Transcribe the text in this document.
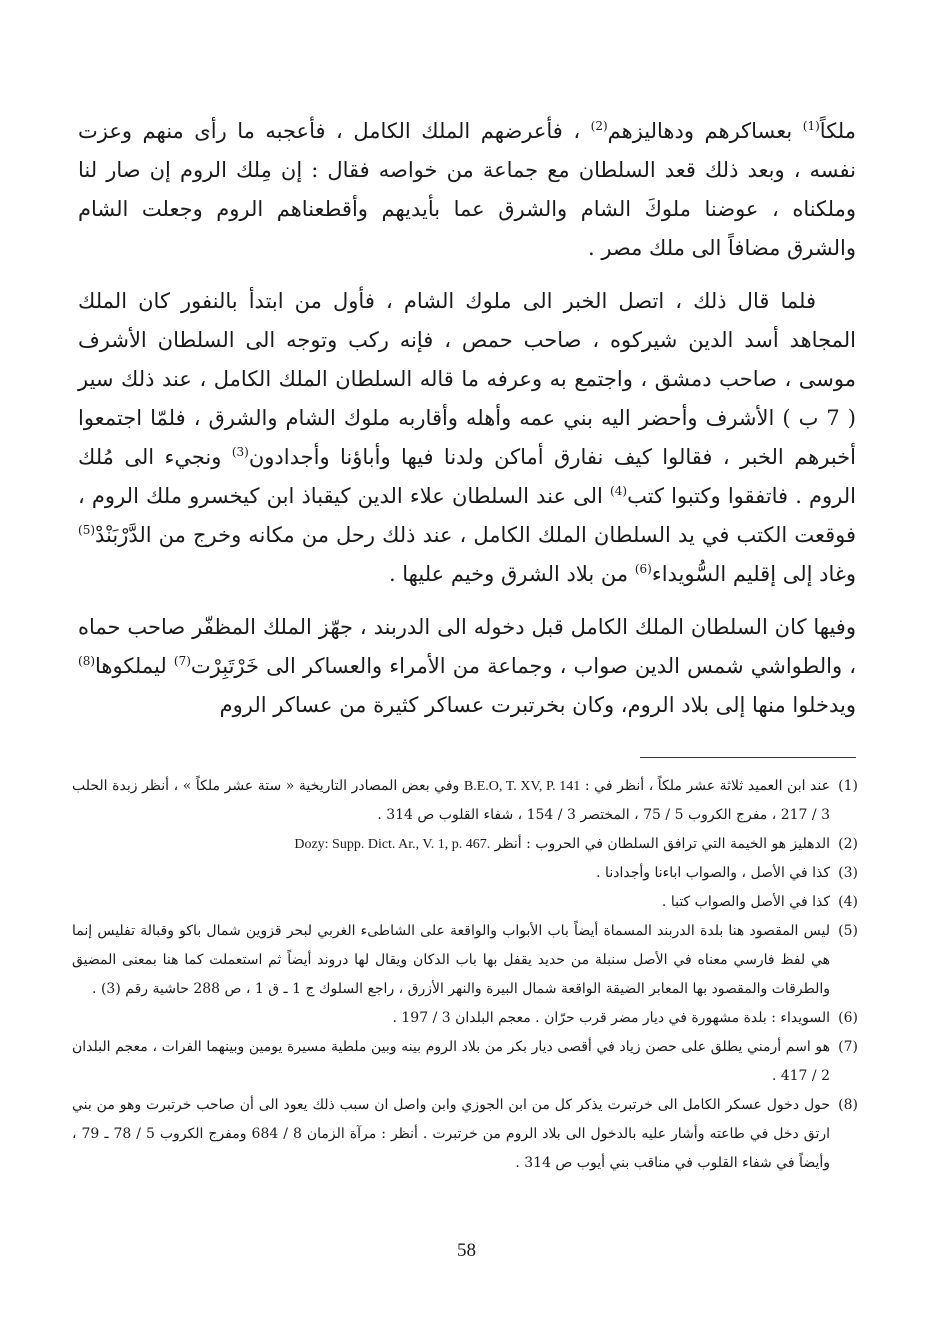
ملكاً$^{(1)}$ بعساكرهم ودهاليزهم$^{(2)}$ ، فأعرضهم الملك الكامل ، فأعجبه ما رأى منهم وعزت نفسه ، وبعد ذلك قعد السلطان مع جماعة من خواصه فقال : إن مِلك الروم إن صار لنا وملكناه ، عوضنا ملوكَ الشام والشرق عما بأيديهم وأقطعناهم الروم وجعلت الشام والشرق مضافاً الى ملك مصر .

فلما قال ذلك ، اتصل الخبر الى ملوك الشام ، فأول من ابتدأ بالنفور كان الملك المجاهد أسد الدين شيركوه ، صاحب حمص ، فإنه ركب وتوجه الى السلطان الأشرف موسى ، صاحب دمشق ، واجتمع به وعرفه ما قاله السلطان الملك الكامل ، عند ذلك سير ( 7 ب ) الأشرف وأحضر اليه بني عمه وأهله وأقاربه ملوك الشام والشرق ، فلمّا اجتمعوا أخبرهم الخبر ، فقالوا كيف نفارق أماكن ولدنا فيها وأباؤنا وأجدادون$^{(3)}$ ونجيء الى مُلك الروم . فاتفقوا وكتبوا كتب$^{(4)}$ الى عند السلطان علاء الدين كيقباذ ابن كيخسرو ملك الروم ، فوقعت الكتب في يد السلطان الملك الكامل ، عند ذلك رحل من مكانه وخرج من الدَّرْبَنْدْ$^{(5)}$ وغاد إلى إقليم السُّويداء$^{(6)}$ من بلاد الشرق وخيم عليها .

وفيها كان السلطان الملك الكامل قبل دخوله الى الدربند ، جهّز الملك المظفّر صاحب حماه ، والطواشي شمس الدين صواب ، وجماعة من الأمراء والعساكر الى خَرْتَبِرْت$^{(7)}$ ليملكوها$^{(8)}$ ويدخلوا منها إلى بلاد الروم، وكان بخرتبرت عساكر كثيرة من عساكر الروم

(1)
عند ابن العميد ثلاثة عشر ملكاً ، أنظر في : B.E.O, T. XV, P. 141 وفي بعض المصادر التاريخية « ستة عشر ملكاً » ، أنظر زبدة الحلب 3 / 217 ، مفرج الكروب 5 / 75 ، المختصر 3 / 154 ، شفاء القلوب ص 314 .
(2)
الدهليز هو الخيمة التي ترافق السلطان في الحروب : أنظر Dozy: Supp. Dict. Ar., V. 1, p. 467.
(3)
كذا في الأصل ، والصواب اباءنا وأجدادنا .
(4)
كذا في الأصل والصواب كتبا .
(5)
ليس المقصود هنا بلدة الدربند المسماة أيضاً باب الأبواب والواقعة على الشاطىء الغربي لبحر قزوين شمال باكو وقبالة تفليس إنما هي لفظ فارسي معناه في الأصل سنبلة من حديد يقفل بها باب الدكان ويقال لها دروند أيضاً ثم استعملت كما هنا بمعنى المضيق والطرقات والمقصود بها المعابر الضيقة الواقعة شمال البيرة والنهر الأزرق ، راجع السلوك ج 1 ـ ق 1 ، ص 288 حاشية رقم (3) .
(6)
السويداء : بلدة مشهورة في ديار مضر قرب حرّان . معجم البلدان 3 / 197 .
(7)
هو اسم أرمني يطلق على حصن زياد في أقصى ديار بكر من بلاد الروم بينه وبين ملطية مسيرة يومين وبينهما الفرات ، معجم البلدان 2 / 417 .
(8)
حول دخول عسكر الكامل الى خرتبرت يذكر كل من ابن الجوزي وابن واصل ان سبب ذلك يعود الى أن صاحب خرتبرت وهو من بني ارتق دخل في طاعته وأشار عليه بالدخول الى بلاد الروم من خرتبرت . أنظر : مرآة الزمان 8 / 684 ومفرج الكروب 5 / 78 ـ 79 ، وأيضاً في شفاء القلوب في مناقب بني أيوب ص 314 .
58
